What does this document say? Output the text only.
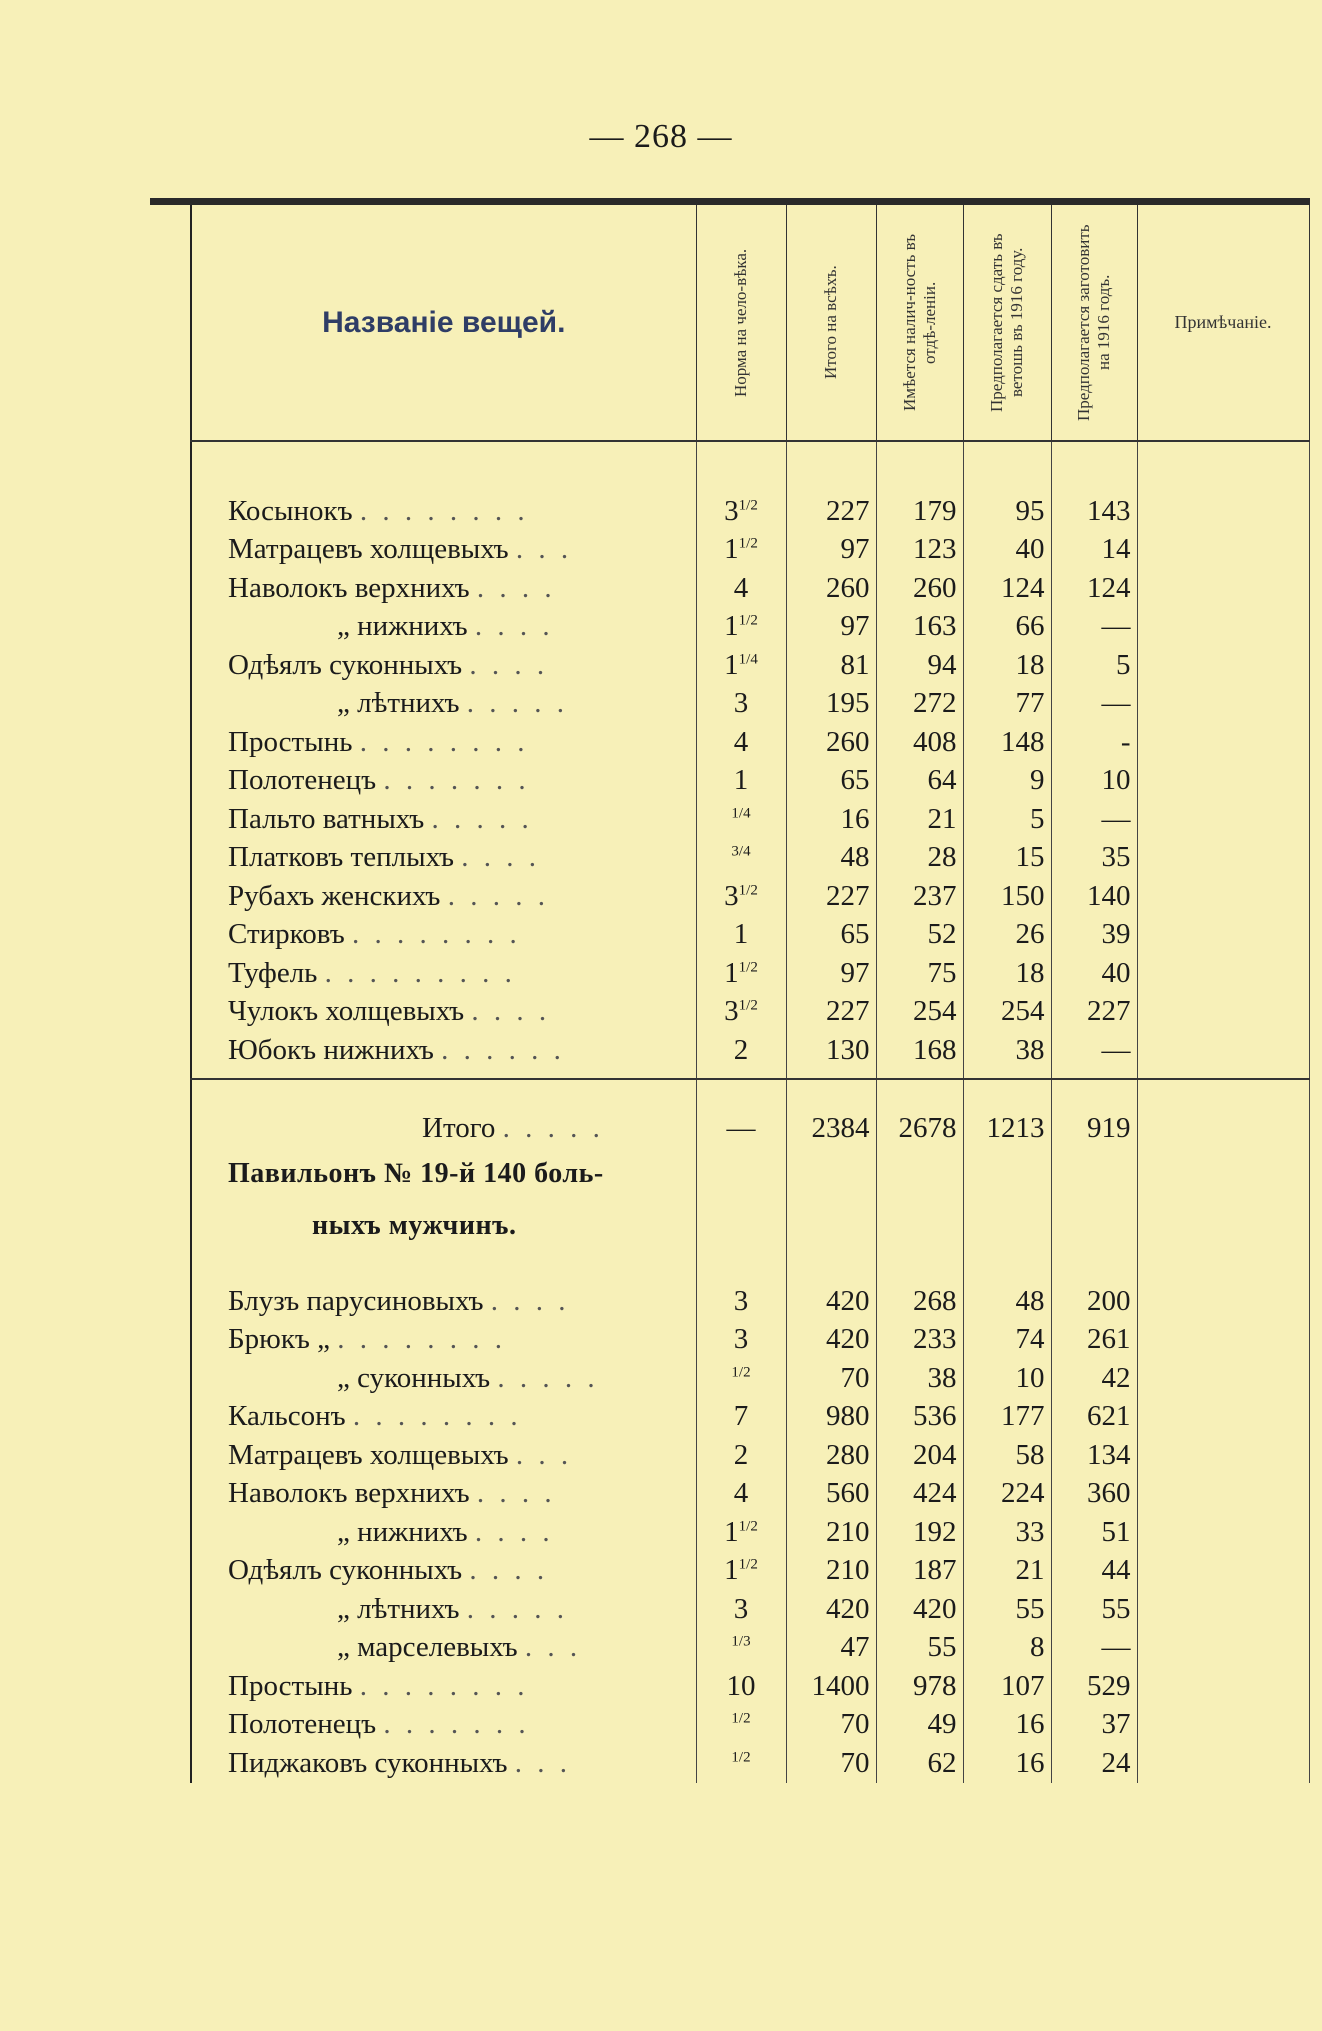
— 268 —
Названіе вещей.	Норма на чело-вѣка.	Итого на всѣхъ.	Имѣется налич-ность въ отдѣ-леніи.	Предполагается сдать въ ветошь въ 1916 году.	Предполагается заготовить на 1916 годъ.	Примѣчаніе.

Косынокъ . . . . . . . .	$3^{1/2}$	227	179	95	143	
Матрацевъ холщевыхъ . . .	$1^{1/2}$	97	123	40	14	
Наволокъ верхнихъ . . . .	4	260	260	124	124	
„ нижнихъ . . . .	$1^{1/2}$	97	163	66	—	
Одѣялъ суконныхъ . . . .	$1^{1/4}$	81	94	18	5	
„ лѣтнихъ . . . . .	3	195	272	77	—	
Простынь . . . . . . . .	4	260	408	148	-	
Полотенецъ . . . . . . .	1	65	64	9	10	
Пальто ватныхъ . . . . .	$^{1/4}$	16	21	5	—	
Платковъ теплыхъ . . . .	$^{3/4}$	48	28	15	35	
Рубахъ женскихъ . . . . .	$3^{1/2}$	227	237	150	140	
Стирковъ . . . . . . . .	1	65	52	26	39	
Туфель . . . . . . . . .	$1^{1/2}$	97	75	18	40	
Чулокъ холщевыхъ . . . .	$3^{1/2}$	227	254	254	227	
Юбокъ нижнихъ . . . . . .	2	130	168	38	—	

Итого . . . . .	—	2384	2678	1213	919	
Павильонъ № 19-й 140 боль-						
ныхъ мужчинъ.						

Блузъ парусиновыхъ . . . .	3	420	268	48	200	
Брюкъ „ . . . . . . . .	3	420	233	74	261	
„ суконныхъ . . . . .	$^{1/2}$	70	38	10	42	
Кальсонъ . . . . . . . .	7	980	536	177	621	
Матрацевъ холщевыхъ . . .	2	280	204	58	134	
Наволокъ верхнихъ . . . .	4	560	424	224	360	
„ нижнихъ . . . .	$1^{1/2}$	210	192	33	51	
Одѣялъ суконныхъ . . . .	$1^{1/2}$	210	187	21	44	
„ лѣтнихъ . . . . .	3	420	420	55	55	
„ марселевыхъ . . .	$^{1/3}$	47	55	8	—	
Простынь . . . . . . . .	10	1400	978	107	529	
Полотенецъ . . . . . . .	$^{1/2}$	70	49	16	37	
Пиджаковъ суконныхъ . . .	$^{1/2}$	70	62	16	24	
